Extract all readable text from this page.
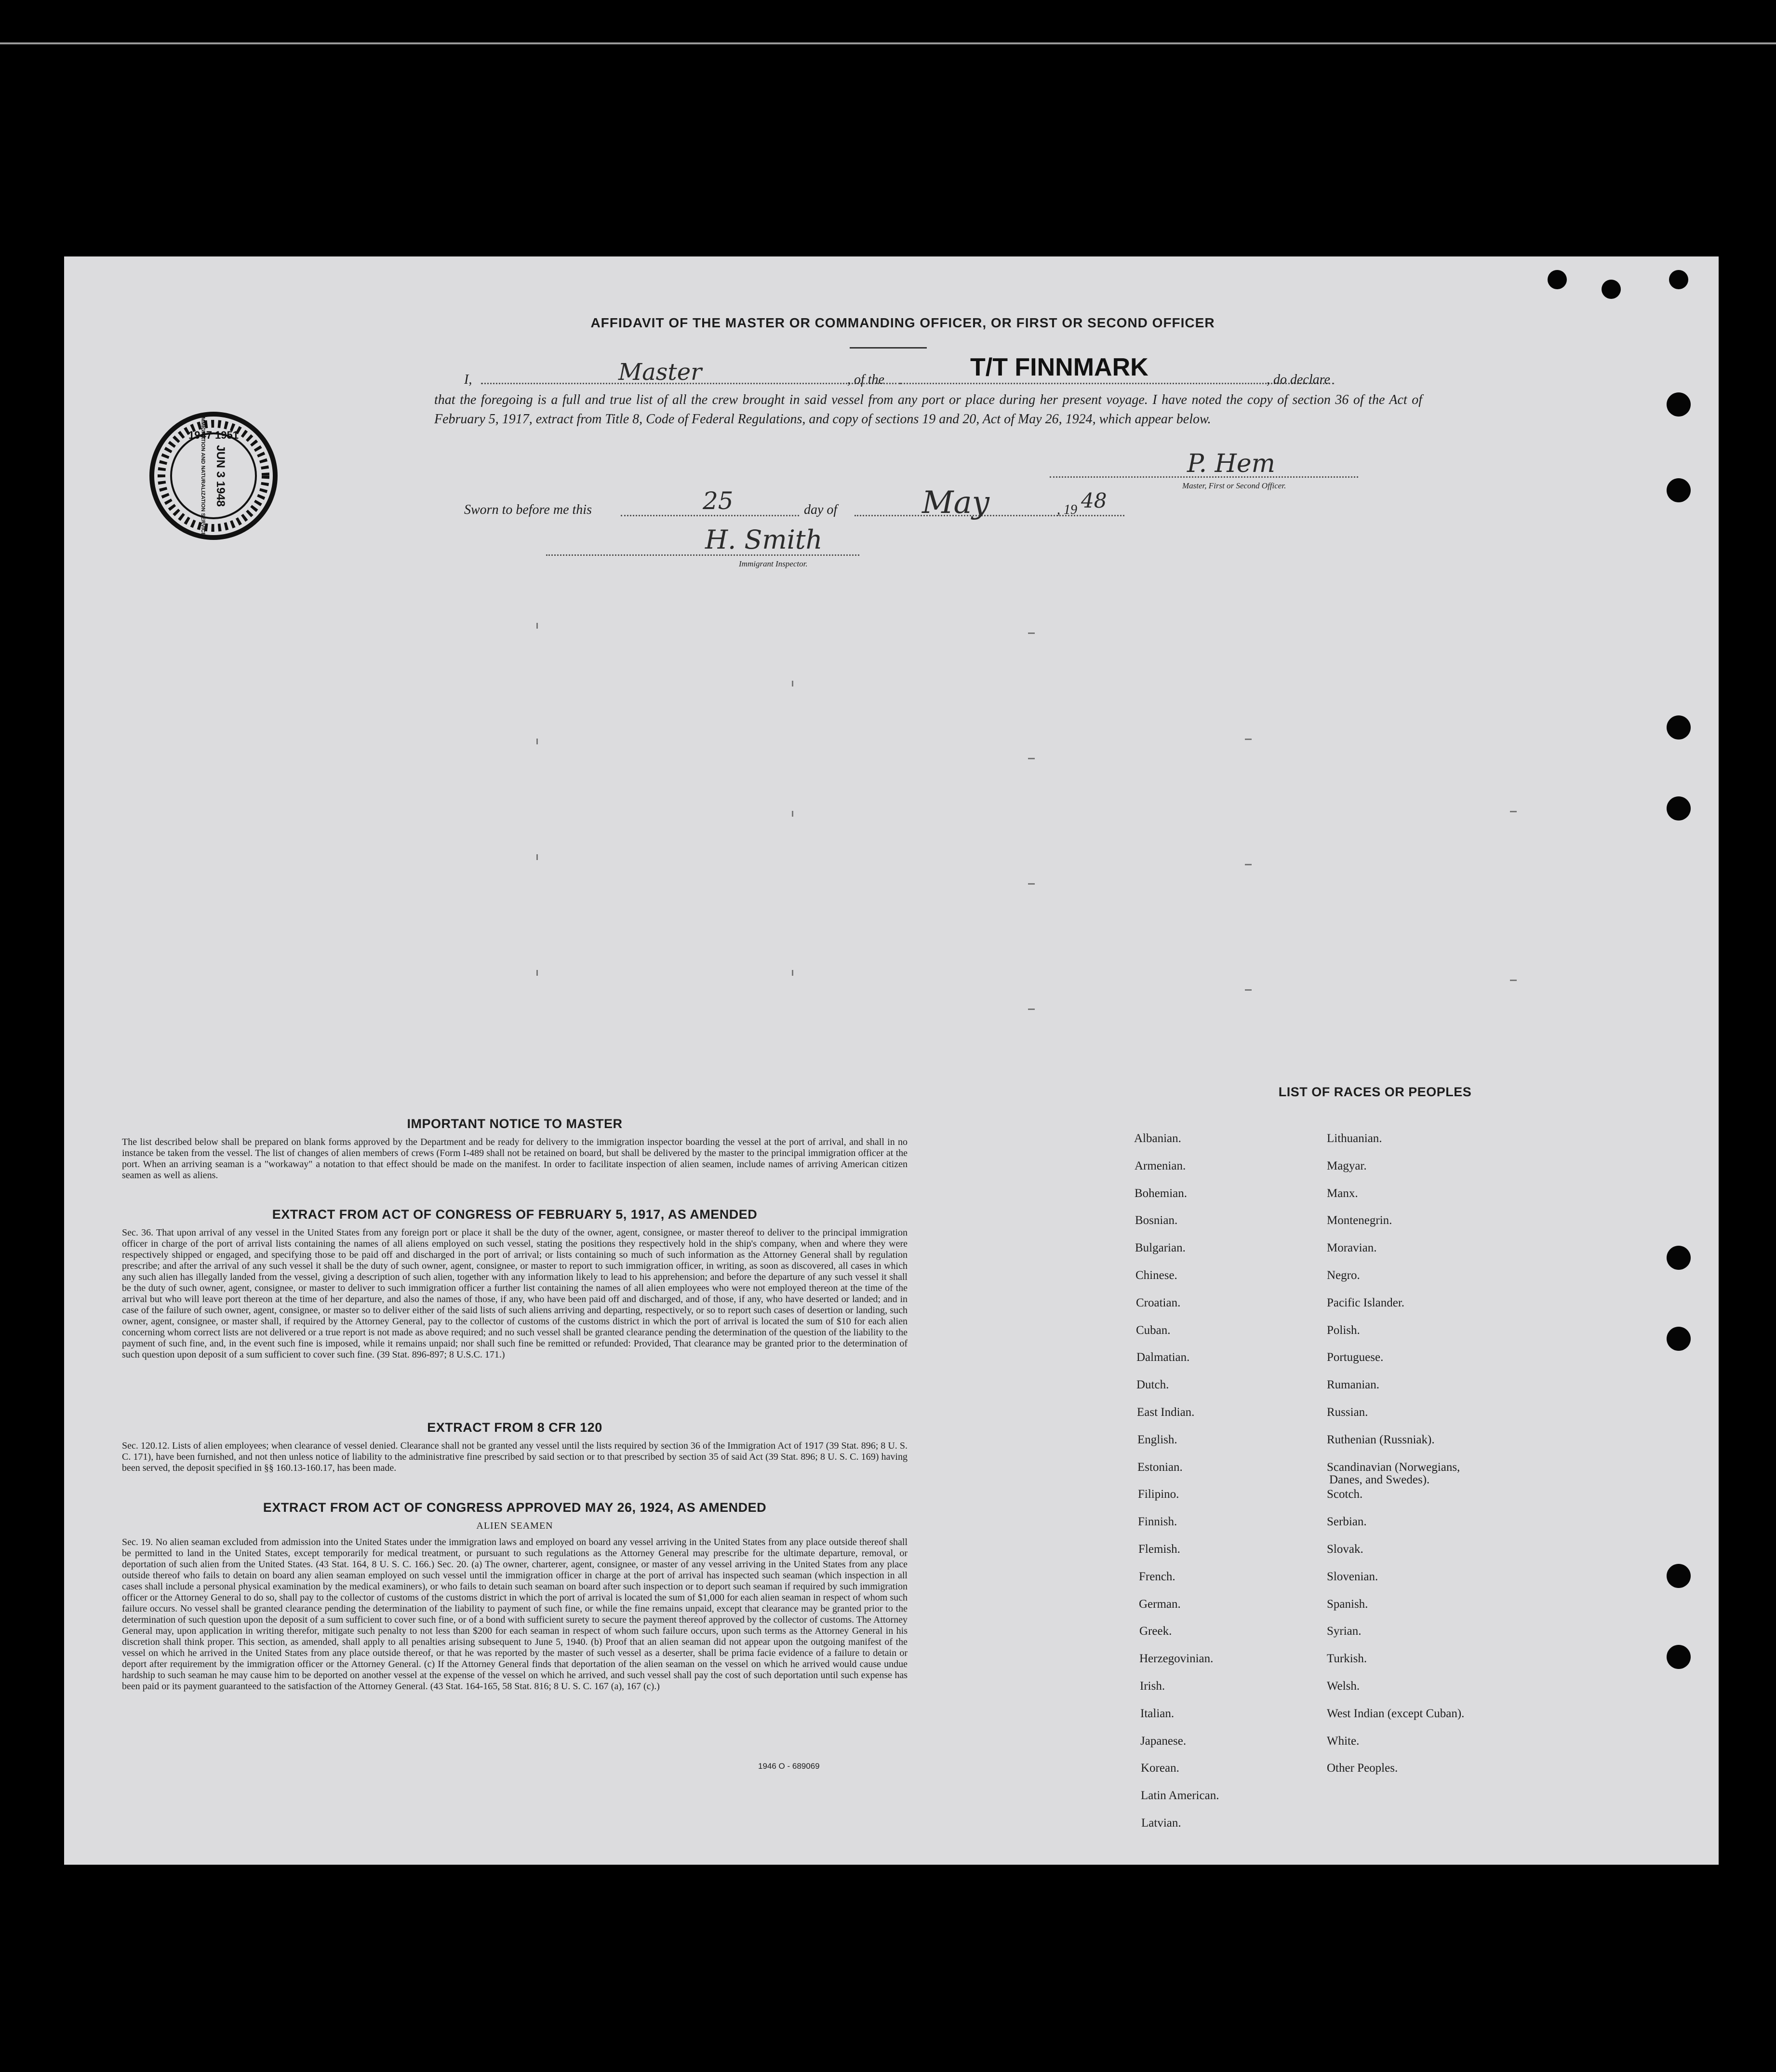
1947 1951
JUN 3 1948
IMMIGRATION AND NATURALIZATION SERVICE
AFFIDAVIT OF THE MASTER OR COMMANDING OFFICER, OR FIRST OR SECOND OFFICER
I,	Master	, of the	T/T FINNMARK	, do declare
that the foregoing is a full and true list of all the crew brought in said vessel from any port or place during her present voyage. I have noted the copy of section 36 of the Act of February 5, 1917, extract from Title 8, Code of Federal Regulations, and copy of sections 19 and 20, Act of May 26, 1924, which appear below.
P. Hem
Master, First or Second Officer.
Sworn to before me this	25	day of	May	, 19 48
H. Smith
Immigrant Inspector.
IMPORTANT NOTICE TO MASTER
The list described below shall be prepared on blank forms approved by the Department and be ready for delivery to the immigration inspector boarding the vessel at the port of arrival, and shall in no instance be taken from the vessel. The list of changes of alien members of crews (Form I-489 shall not be retained on board, but shall be delivered by the master to the principal immigration officer at the port. When an arriving seaman is a "workaway" a notation to that effect should be made on the manifest. In order to facilitate inspection of alien seamen, include names of arriving American citizen seamen as well as aliens.
EXTRACT FROM ACT OF CONGRESS OF FEBRUARY 5, 1917, AS AMENDED
Sec. 36. That upon arrival of any vessel in the United States from any foreign port or place it shall be the duty of the owner, agent, consignee, or master thereof to deliver to the principal immigration officer in charge of the port of arrival lists containing the names of all aliens employed on such vessel, stating the positions they respectively hold in the ship's company, when and where they were respectively shipped or engaged, and specifying those to be paid off and discharged in the port of arrival; or lists containing so much of such information as the Attorney General shall by regulation prescribe; and after the arrival of any such vessel it shall be the duty of such owner, agent, consignee, or master to report to such immigration officer, in writing, as soon as discovered, all cases in which any such alien has illegally landed from the vessel, giving a description of such alien, together with any information likely to lead to his apprehension; and before the departure of any such vessel it shall be the duty of such owner, agent, consignee, or master to deliver to such immigration officer a further list containing the names of all alien employees who were not employed thereon at the time of the arrival but who will leave port thereon at the time of her departure, and also the names of those, if any, who have been paid off and discharged, and of those, if any, who have deserted or landed; and in case of the failure of such owner, agent, consignee, or master so to deliver either of the said lists of such aliens arriving and departing, respectively, or so to report such cases of desertion or landing, such owner, agent, consignee, or master shall, if required by the Attorney General, pay to the collector of customs of the customs district in which the port of arrival is located the sum of $10 for each alien concerning whom correct lists are not delivered or a true report is not made as above required; and no such vessel shall be granted clearance pending the determination of the question of the liability to the payment of such fine, and, in the event such fine is imposed, while it remains unpaid; nor shall such fine be remitted or refunded: Provided, That clearance may be granted prior to the determination of such question upon deposit of a sum sufficient to cover such fine. (39 Stat. 896-897; 8 U.S.C. 171.)
EXTRACT FROM 8 CFR 120
Sec. 120.12. Lists of alien employees; when clearance of vessel denied. Clearance shall not be granted any vessel until the lists required by section 36 of the Immigration Act of 1917 (39 Stat. 896; 8 U. S. C. 171), have been furnished, and not then unless notice of liability to the administrative fine prescribed by said section or to that prescribed by section 35 of said Act (39 Stat. 896; 8 U. S. C. 169) having been served, the deposit specified in §§ 160.13-160.17, has been made.
EXTRACT FROM ACT OF CONGRESS APPROVED MAY 26, 1924, AS AMENDED
ALIEN SEAMEN
Sec. 19. No alien seaman excluded from admission into the United States under the immigration laws and employed on board any vessel arriving in the United States from any place outside thereof shall be permitted to land in the United States, except temporarily for medical treatment, or pursuant to such regulations as the Attorney General may prescribe for the ultimate departure, removal, or deportation of such alien from the United States. (43 Stat. 164, 8 U. S. C. 166.) Sec. 20. (a) The owner, charterer, agent, consignee, or master of any vessel arriving in the United States from any place outside thereof who fails to detain on board any alien seaman employed on such vessel until the immigration officer in charge at the port of arrival has inspected such seaman (which inspection in all cases shall include a personal physical examination by the medical examiners), or who fails to detain such seaman on board after such inspection or to deport such seaman if required by such immigration officer or the Attorney General to do so, shall pay to the collector of customs of the customs district in which the port of arrival is located the sum of $1,000 for each alien seaman in respect of whom such failure occurs. No vessel shall be granted clearance pending the determination of the liability to payment of such fine, or while the fine remains unpaid, except that clearance may be granted prior to the determination of such question upon the deposit of a sum sufficient to cover such fine, or of a bond with sufficient surety to secure the payment thereof approved by the collector of customs. The Attorney General may, upon application in writing therefor, mitigate such penalty to not less than $200 for each seaman in respect of whom such failure occurs, upon such terms as the Attorney General in his discretion shall think proper. This section, as amended, shall apply to all penalties arising subsequent to June 5, 1940. (b) Proof that an alien seaman did not appear upon the outgoing manifest of the vessel on which he arrived in the United States from any place outside thereof, or that he was reported by the master of such vessel as a deserter, shall be prima facie evidence of a failure to detain or deport after requirement by the immigration officer or the Attorney General. (c) If the Attorney General finds that deportation of the alien seaman on the vessel on which he arrived would cause undue hardship to such seaman he may cause him to be deported on another vessel at the expense of the vessel on which he arrived, and such vessel shall pay the cost of such deportation until such expense has been paid or its payment guaranteed to the satisfaction of the Attorney General. (43 Stat. 164-165, 58 Stat. 816; 8 U. S. C. 167 (a), 167 (c).)
1946 O - 689069
LIST OF RACES OR PEOPLES
Albanian.
Armenian.
Bohemian.
Bosnian.
Bulgarian.
Chinese.
Croatian.
Cuban.
Dalmatian.
Dutch.
East Indian.
English.
Estonian.
Filipino.
Finnish.
Flemish.
French.
German.
Greek.
Herzegovinian.
Irish.
Italian.
Japanese.
Korean.
Latin American.
Latvian.
Lithuanian.
Magyar.
Manx.
Montenegrin.
Moravian.
Negro.
Pacific Islander.
Polish.
Portuguese.
Rumanian.
Russian.
Ruthenian (Russniak).
Scandinavian (Norwegians,
Danes, and Swedes).
Scotch.
Serbian.
Slovak.
Slovenian.
Spanish.
Syrian.
Turkish.
Welsh.
West Indian (except Cuban).
White.
Other Peoples.
